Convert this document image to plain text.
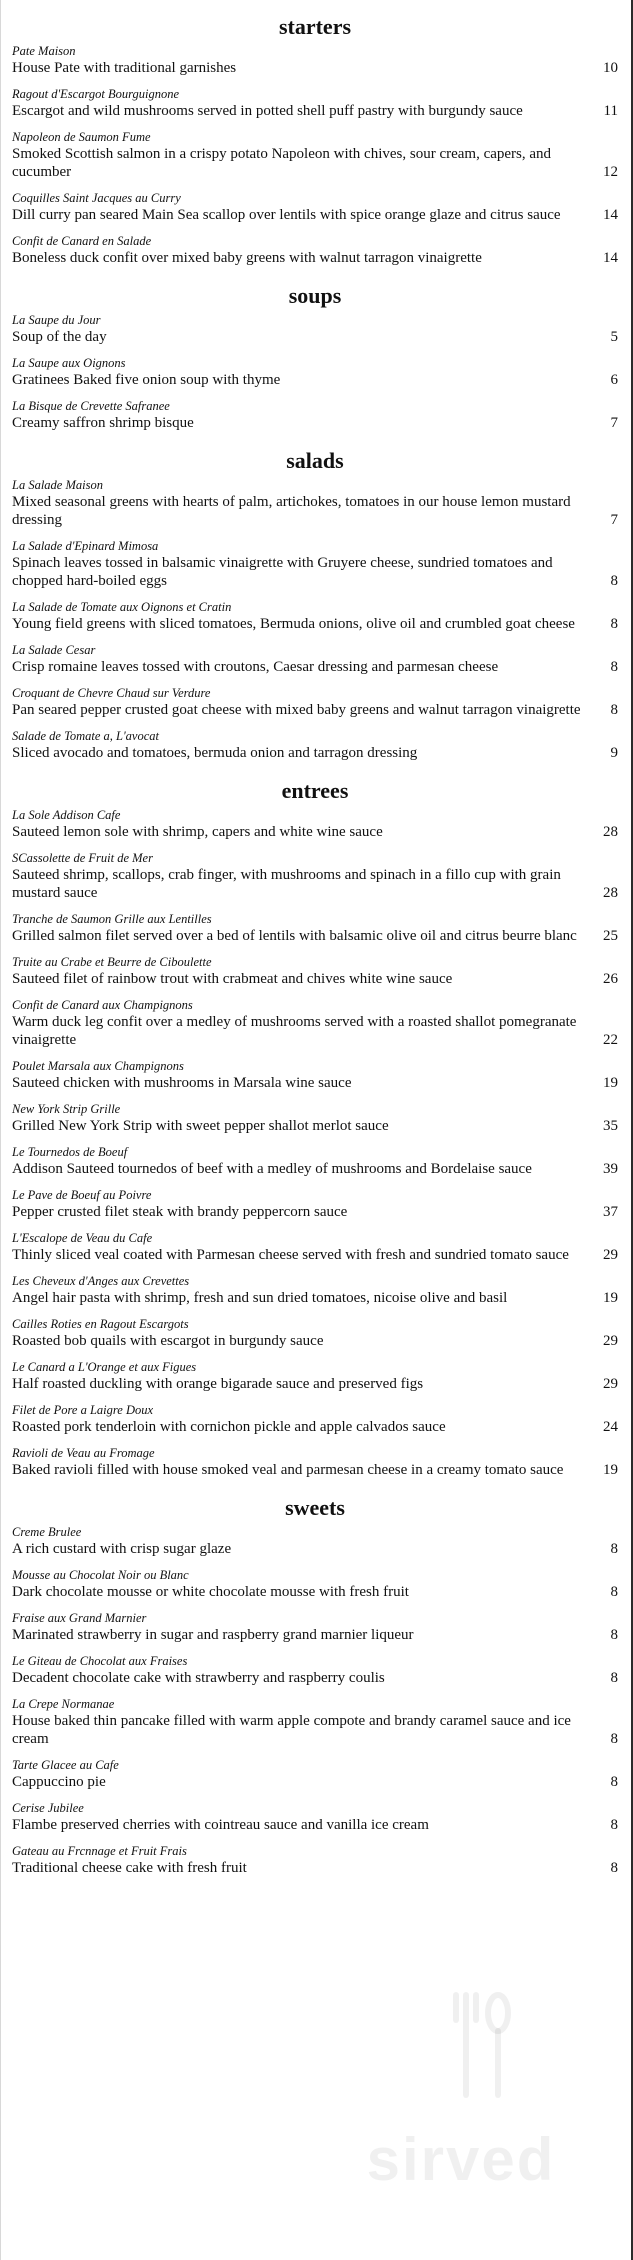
starters
Pate Maison
House Pate with traditional garnishes	10
Ragout d'Escargot Bourguignone
Escargot and wild mushrooms served in potted shell puff pastry with burgundy sauce	11
Napoleon de Saumon Fume
Smoked Scottish salmon in a crispy potato Napoleon with chives, sour cream, capers, and cucumber	12
Coquilles Saint Jacques au Curry
Dill curry pan seared Main Sea scallop over lentils with spice orange glaze and citrus sauce	14
Confit de Canard en Salade
Boneless duck confit over mixed baby greens with walnut tarragon vinaigrette	14
soups
La Saupe du Jour
Soup of the day	5
La Saupe aux Oignons
Gratinees Baked five onion soup with thyme	6
La Bisque de Crevette Safranee
Creamy saffron shrimp bisque	7
salads
La Salade Maison
Mixed seasonal greens with hearts of palm, artichokes, tomatoes in our house lemon mustard dressing	7
La Salade d'Epinard Mimosa
Spinach leaves tossed in balsamic vinaigrette with Gruyere cheese, sundried tomatoes and chopped hard-boiled eggs	8
La Salade de Tomate aux Oignons et Cratin
Young field greens with sliced tomatoes, Bermuda onions, olive oil and crumbled goat cheese	8
La Salade Cesar
Crisp romaine leaves tossed with croutons, Caesar dressing and parmesan cheese	8
Croquant de Chevre Chaud sur Verdure
Pan seared pepper crusted goat cheese with mixed baby greens and walnut tarragon vinaigrette	8
Salade de Tomate a, L'avocat
Sliced avocado and tomatoes, bermuda onion and tarragon dressing	9
entrees
La Sole Addison Cafe
Sauteed lemon sole with shrimp, capers and white wine sauce	28
SCassolette de Fruit de Mer
Sauteed shrimp, scallops, crab finger, with mushrooms and spinach in a fillo cup with grain mustard sauce	28
Tranche de Saumon Grille aux Lentilles
Grilled salmon filet served over a bed of lentils with balsamic olive oil and citrus beurre blanc	25
Truite au Crabe et Beurre de Ciboulette
Sauteed filet of rainbow trout with crabmeat and chives white wine sauce	26
Confit de Canard aux Champignons
Warm duck leg confit over a medley of mushrooms served with a roasted shallot pomegranate vinaigrette	22
Poulet Marsala aux Champignons
Sauteed chicken with mushrooms in Marsala wine sauce	19
New York Strip Grille
Grilled New York Strip with sweet pepper shallot merlot sauce	35
Le Tournedos de Boeuf
Addison Sauteed tournedos of beef with a medley of mushrooms and Bordelaise sauce	39
Le Pave de Boeuf au Poivre
Pepper crusted filet steak with brandy peppercorn sauce	37
L'Escalope de Veau du Cafe
Thinly sliced veal coated with Parmesan cheese served with fresh and sundried tomato sauce	29
Les Cheveux d'Anges aux Crevettes
Angel hair pasta with shrimp, fresh and sun dried tomatoes, nicoise olive and basil	19
Cailles Roties en Ragout Escargots
Roasted bob quails with escargot in burgundy sauce	29
Le Canard a L'Orange et aux Figues
Half roasted duckling with orange bigarade sauce and preserved figs	29
Filet de Pore a Laigre Doux
Roasted pork tenderloin with cornichon pickle and apple calvados sauce	24
Ravioli de Veau au Fromage
Baked ravioli filled with house smoked veal and parmesan cheese in a creamy tomato sauce	19
sweets
Creme Brulee
A rich custard with crisp sugar glaze	8
Mousse au Chocolat Noir ou Blanc
Dark chocolate mousse or white chocolate mousse with fresh fruit	8
Fraise aux Grand Marnier
Marinated strawberry in sugar and raspberry grand marnier liqueur	8
Le Giteau de Chocolat aux Fraises
Decadent chocolate cake with strawberry and raspberry coulis	8
La Crepe Normanae
House baked thin pancake filled with warm apple compote and brandy caramel sauce and ice cream	8
Tarte Glacee au Cafe
Cappuccino pie	8
Cerise Jubilee
Flambe preserved cherries with cointreau sauce and vanilla ice cream	8
Gateau au Frcnnage et Fruit Frais
Traditional cheese cake with fresh fruit	8
sirved
